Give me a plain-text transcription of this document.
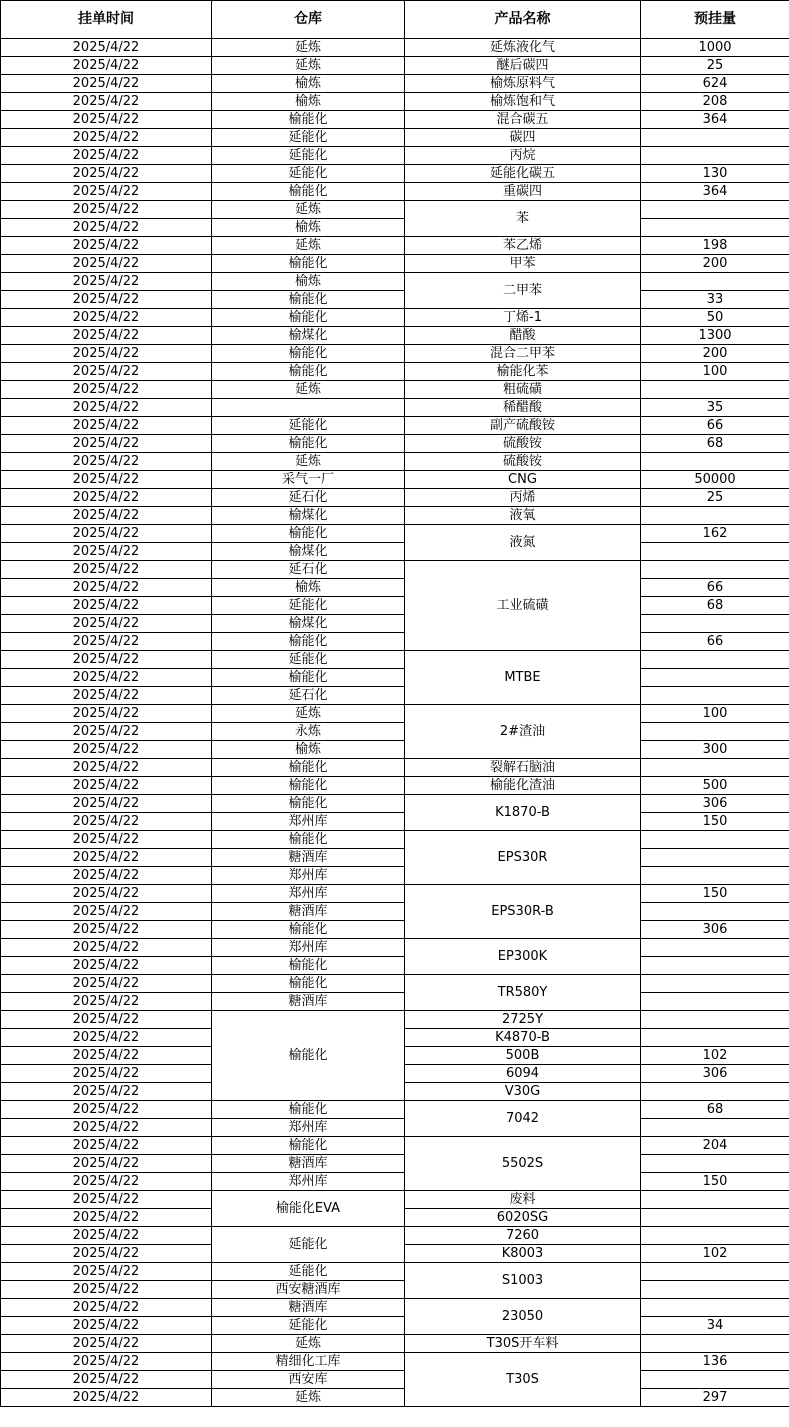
挂单时间	仓库	产品名称	预挂量
2025/4/22	延炼	延炼液化气	1000
2025/4/22	延炼	醚后碳四	25
2025/4/22	榆炼	榆炼原料气	624
2025/4/22	榆炼	榆炼饱和气	208
2025/4/22	榆能化	混合碳五	364
2025/4/22	延能化	碳四	
2025/4/22	延能化	丙烷	
2025/4/22	延能化	延能化碳五	130
2025/4/22	榆能化	重碳四	364
2025/4/22	延炼	苯	
2025/4/22	榆炼		
2025/4/22	延炼	苯乙烯	198
2025/4/22	榆能化	甲苯	200
2025/4/22	榆炼	二甲苯	
2025/4/22	榆能化		33
2025/4/22	榆能化	丁烯-1	50
2025/4/22	榆煤化	醋酸	1300
2025/4/22	榆能化	混合二甲苯	200
2025/4/22	榆能化	榆能化苯	100
2025/4/22	延炼	粗硫磺	
2025/4/22		稀醋酸	35
2025/4/22	延能化	副产硫酸铵	66
2025/4/22	榆能化	硫酸铵	68
2025/4/22	延炼	硫酸铵	
2025/4/22	采气一厂	CNG	50000
2025/4/22	延石化	丙烯	25
2025/4/22	榆煤化	液氧	
2025/4/22	榆能化	液氮	162
2025/4/22	榆煤化		
2025/4/22	延石化	工业硫磺	
2025/4/22	榆炼		66
2025/4/22	延能化		68
2025/4/22	榆煤化		
2025/4/22	榆能化		66
2025/4/22	延能化	MTBE	
2025/4/22	榆能化		
2025/4/22	延石化		
2025/4/22	延炼	2#渣油	100
2025/4/22	永炼		
2025/4/22	榆炼		300
2025/4/22	榆能化	裂解石脑油	
2025/4/22	榆能化	榆能化渣油	500
2025/4/22	榆能化	K1870-B	306
2025/4/22	郑州库		150
2025/4/22	榆能化	EPS30R	
2025/4/22	糖酒库		
2025/4/22	郑州库		
2025/4/22	郑州库	EPS30R-B	150
2025/4/22	糖酒库		
2025/4/22	榆能化		306
2025/4/22	郑州库	EP300K	
2025/4/22	榆能化		
2025/4/22	榆能化	TR580Y	
2025/4/22	糖酒库		
2025/4/22	榆能化	2725Y	
2025/4/22		K4870-B	
2025/4/22		500B	102
2025/4/22		6094	306
2025/4/22		V30G	
2025/4/22	榆能化	7042	68
2025/4/22	郑州库		
2025/4/22	榆能化	5502S	204
2025/4/22	糖酒库		
2025/4/22	郑州库		150
2025/4/22	榆能化EVA	废料	
2025/4/22		6020SG	
2025/4/22	延能化	7260	
2025/4/22		K8003	102
2025/4/22	延能化	S1003	
2025/4/22	西安糖酒库		
2025/4/22	糖酒库	23050	
2025/4/22	延能化		34
2025/4/22	延炼	T30S开车料	
2025/4/22	精细化工库	T30S	136
2025/4/22	西安库		
2025/4/22	延炼		297
